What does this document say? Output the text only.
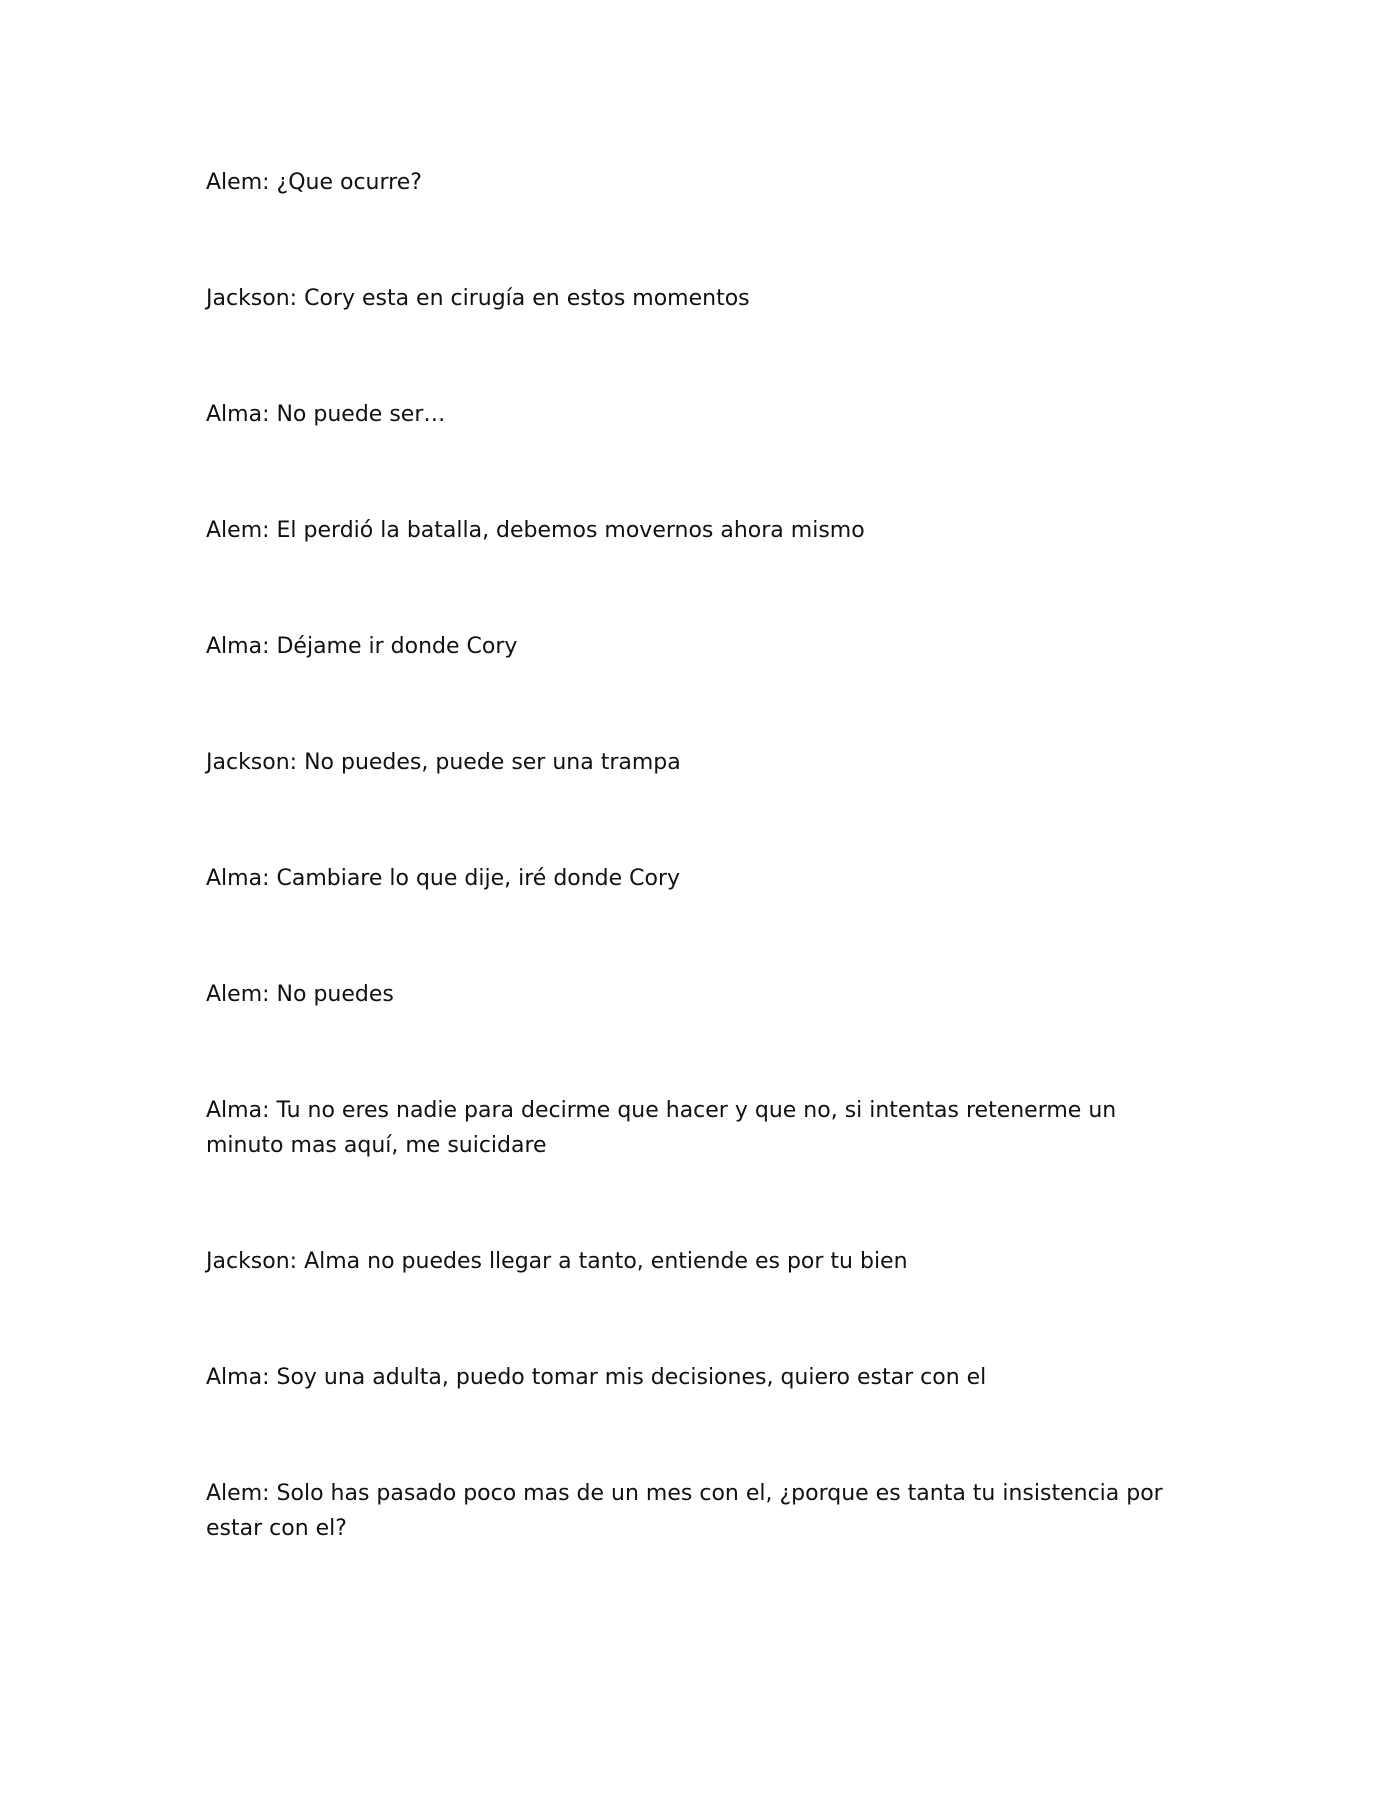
Alem: ¿Que ocurre?
Jackson: Cory esta en cirugía en estos momentos
Alma: No puede ser…
Alem: El perdió la batalla, debemos movernos ahora mismo
Alma: Déjame ir donde Cory
Jackson: No puedes, puede ser una trampa
Alma: Cambiare lo que dije, iré donde Cory
Alem: No puedes
Alma: Tu no eres nadie para decirme que hacer y que no, si intentas retenerme un minuto mas aquí, me suicidare
Jackson: Alma no puedes llegar a tanto, entiende es por tu bien
Alma: Soy una adulta, puedo tomar mis decisiones, quiero estar con el
Alem: Solo has pasado poco mas de un mes con el, ¿porque es tanta tu insistencia por estar con el?
